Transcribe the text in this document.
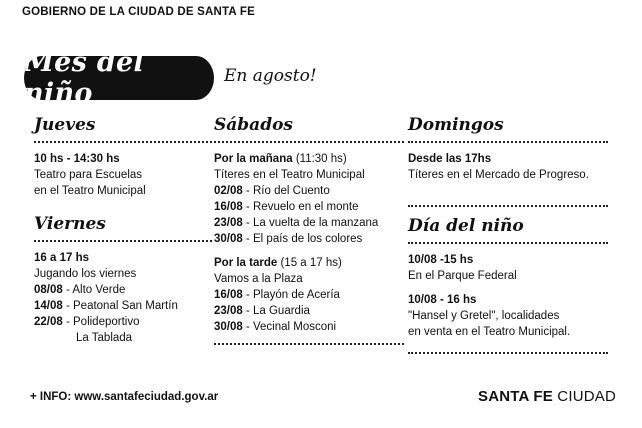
GOBIERNO DE LA CIUDAD DE SANTA FE
Mes del niño
En agosto!
Jueves
10 hs - 14:30 hs
Teatro para Escuelas
en el Teatro Municipal
Viernes
16 a 17 hs
Jugando los viernes
08/08 - Alto Verde
14/08 - Peatonal San Martín
22/08 - Polideportivo
La Tablada
Sábados
Por la mañana (11:30 hs)
Títeres en el Teatro Municipal
02/08 - Río del Cuento
16/08 - Revuelo en el monte
23/08 - La vuelta de la manzana
30/08 - El país de los colores
Por la tarde (15 a 17 hs)
Vamos a la Plaza
16/08 - Playón de Acería
23/08 - La Guardia
30/08 - Vecinal Mosconi
Domingos
Desde las 17hs
Títeres en el Mercado de Progreso.
Día del niño
10/08 -15 hs
En el Parque Federal
10/08 - 16 hs
"Hansel y Gretel", localidades
en venta en el Teatro Municipal.
+ INFO: www.santafeciudad.gov.ar	SANTA FE CIUDAD
